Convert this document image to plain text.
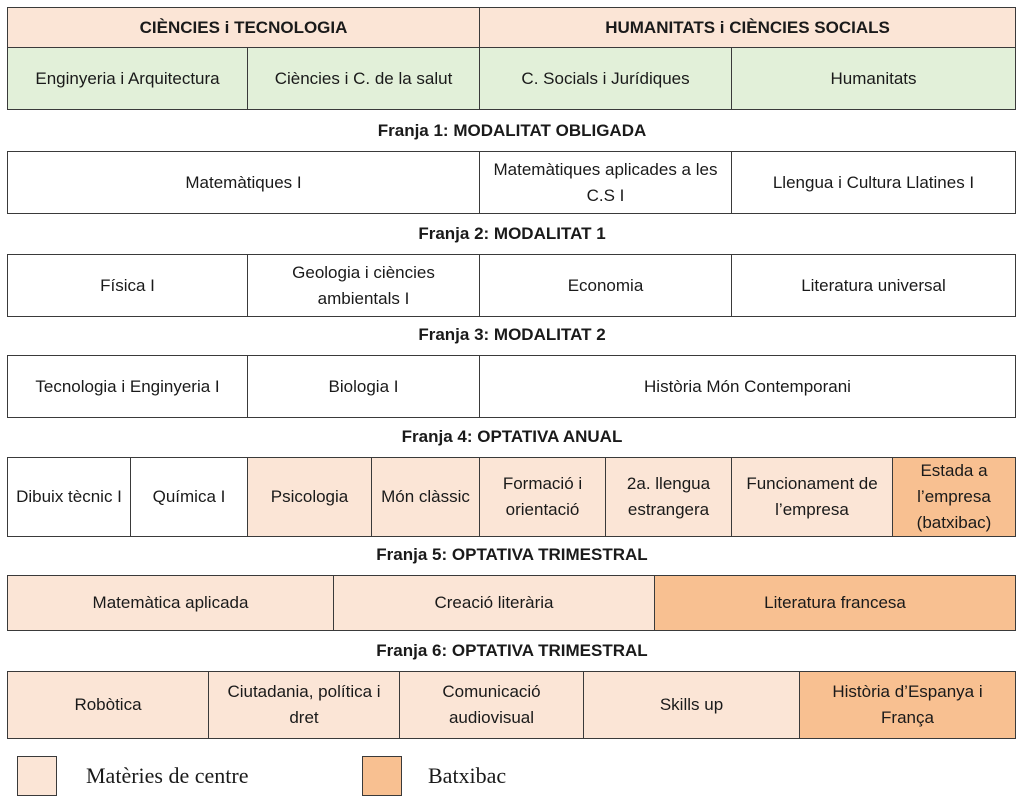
CIÈNCIES i TECNOLOGIA		HUMANITATS i CIÈNCIES SOCIALS	
Enginyeria i Arquitectura	Ciències i C. de la salut	C. Socials i Jurídiques	Humanitats
Franja 1: MODALITAT OBLIGADA
Matemàtiques I	Matemàtiques aplicades a les C.S I	Llengua i Cultura Llatines I
Franja 2: MODALITAT 1
Física I	Geologia i ciències ambientals I	Economia	Literatura universal
Franja 3: MODALITAT 2
Tecnologia i Enginyeria I	Biologia I	Història Món Contemporani
Franja 4: OPTATIVA ANUAL
Dibuix tècnic I	Química I	Psicologia	Món clàssic	Formació i orientació	2a. llengua estrangera	Funcionament de l’empresa	Estada a l’empresa (batxibac)
Franja 5: OPTATIVA TRIMESTRAL
Matemàtica aplicada	Creació literària	Literatura francesa
Franja 6: OPTATIVA TRIMESTRAL
Robòtica	Ciutadania, política i dret	Comunicació audiovisual	Skills up	Història d’Espanya i França
Matèries de centre	Batxibac
